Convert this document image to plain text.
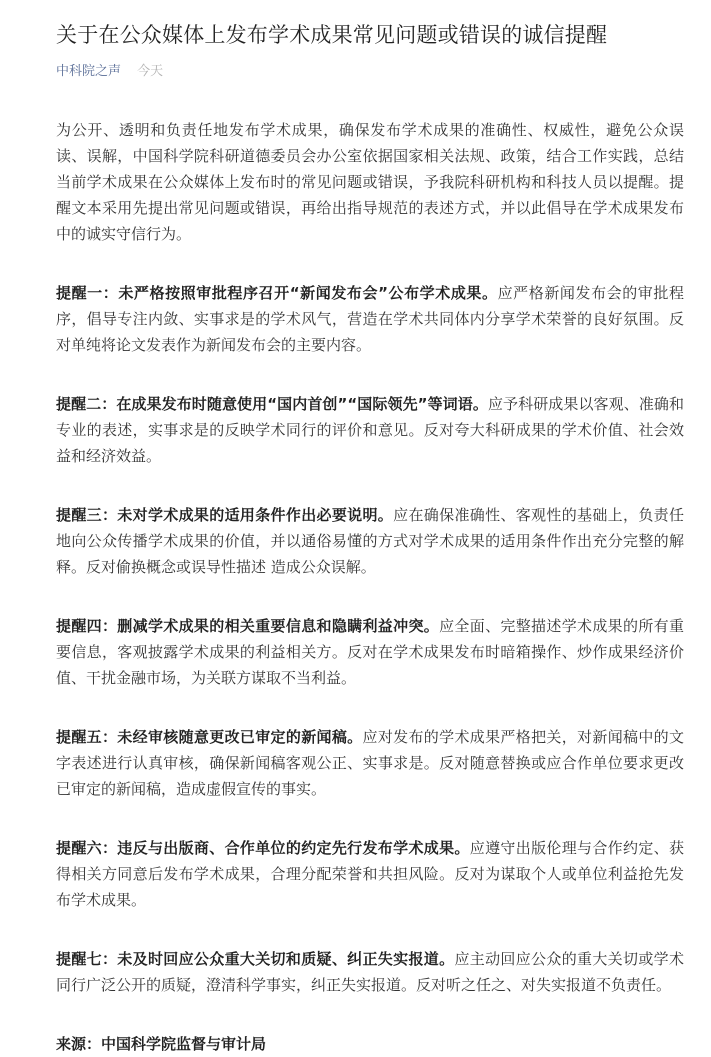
关于在公众媒体上发布学术成果常见问题或错误的诚信提醒
中科院之声 今天

为公开、透明和负责任地发布学术成果，确保发布学术成果的准确性、权威性，避免公众误读、误解，中国科学院科研道德委员会办公室依据国家相关法规、政策，结合工作实践，总结当前学术成果在公众媒体上发布时的常见问题或错误，予我院科研机构和科技人员以提醒。提醒文本采用先提出常见问题或错误，再给出指导规范的表述方式，并以此倡导在学术成果发布中的诚实守信行为。

提醒一：未严格按照审批程序召开“新闻发布会”公布学术成果。应严格新闻发布会的审批程序，倡导专注内敛、实事求是的学术风气，营造在学术共同体内分享学术荣誉的良好氛围。反对单纯将论文发表作为新闻发布会的主要内容。

提醒二：在成果发布时随意使用“国内首创”“国际领先”等词语。应予科研成果以客观、准确和专业的表述，实事求是的反映学术同行的评价和意见。反对夸大科研成果的学术价值、社会效益和经济效益。

提醒三：未对学术成果的适用条件作出必要说明。应在确保准确性、客观性的基础上，负责任地向公众传播学术成果的价值，并以通俗易懂的方式对学术成果的适用条件作出充分完整的解释。反对偷换概念或误导性描述 造成公众误解。

提醒四：删减学术成果的相关重要信息和隐瞒利益冲突。应全面、完整描述学术成果的所有重要信息，客观披露学术成果的利益相关方。反对在学术成果发布时暗箱操作、炒作成果经济价值、干扰金融市场，为关联方谋取不当利益。

提醒五：未经审核随意更改已审定的新闻稿。应对发布的学术成果严格把关，对新闻稿中的文字表述进行认真审核，确保新闻稿客观公正、实事求是。反对随意替换或应合作单位要求更改已审定的新闻稿，造成虚假宣传的事实。

提醒六：违反与出版商、合作单位的约定先行发布学术成果。应遵守出版伦理与合作约定、获得相关方同意后发布学术成果，合理分配荣誉和共担风险。反对为谋取个人或单位利益抢先发布学术成果。

提醒七：未及时回应公众重大关切和质疑、纠正失实报道。应主动回应公众的重大关切或学术同行广泛公开的质疑，澄清科学事实，纠正失实报道。反对听之任之、对失实报道不负责任。

来源：中国科学院监督与审计局
